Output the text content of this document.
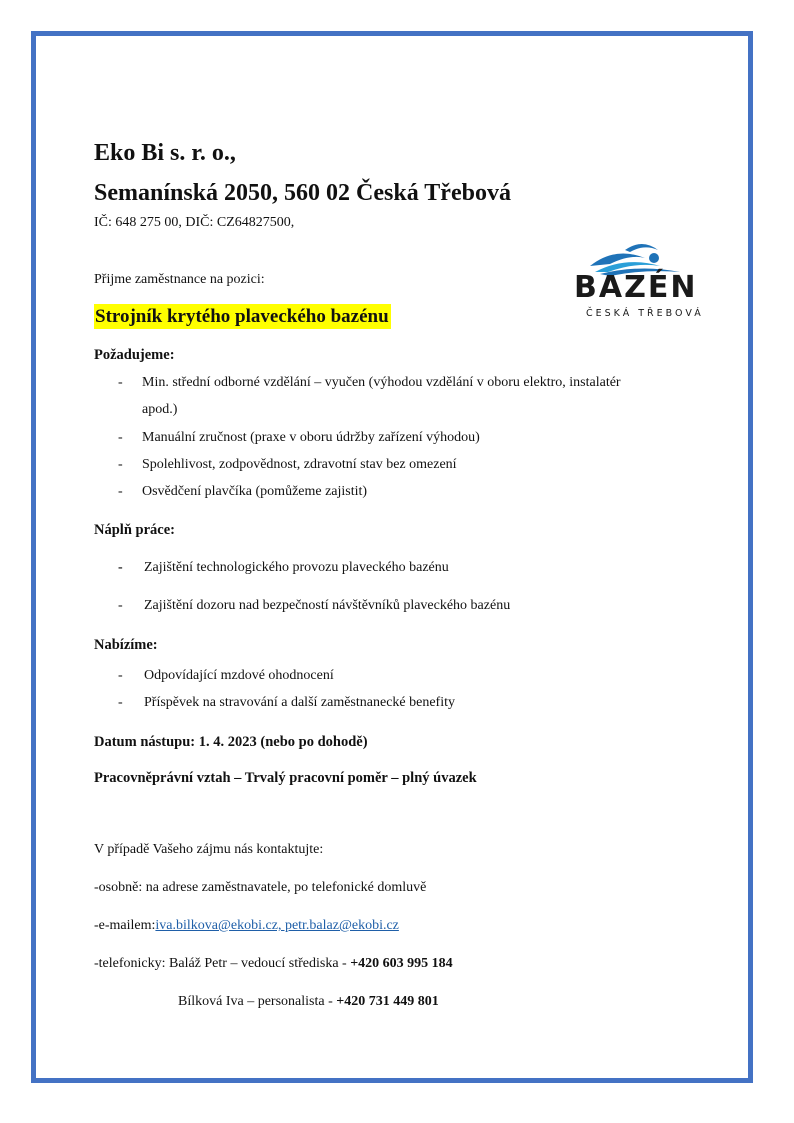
Eko Bi s. r. o.,
Semanínská 2050, 560 02 Česká Třebová
IČ: 648 275 00, DIČ: CZ64827500,
BAZÉN
ČESKÁ TŘEBOVÁ
Přijme zaměstnance na pozici:
Strojník krytého plaveckého bazénu
Požadujeme:
- Min. střední odborné vzdělání – vyučen (výhodou vzdělání v oboru elektro, instalatér
apod.)
- Manuální zručnost (praxe v oboru údržby zařízení výhodou)
- Spolehlivost, zodpovědnost, zdravotní stav bez omezení
- Osvědčení plavčíka (pomůžeme zajistit)
Náplň práce:
- Zajištění technologického provozu plaveckého bazénu
- Zajištění dozoru nad bezpečností návštěvníků plaveckého bazénu
Nabízíme:
- Odpovídající mzdové ohodnocení
- Příspěvek na stravování a další zaměstnanecké benefity
Datum nástupu: 1. 4. 2023 (nebo po dohodě)
Pracovněprávní vztah – Trvalý pracovní poměr – plný úvazek
V případě Vašeho zájmu nás kontaktujte:
-osobně: na adrese zaměstnavatele, po telefonické domluvě
-e-mailem:iva.bilkova@ekobi.cz, petr.balaz@ekobi.cz
-telefonicky: Baláž Petr – vedoucí střediska - +420 603 995 184
Bílková Iva – personalista - +420 731 449 801
